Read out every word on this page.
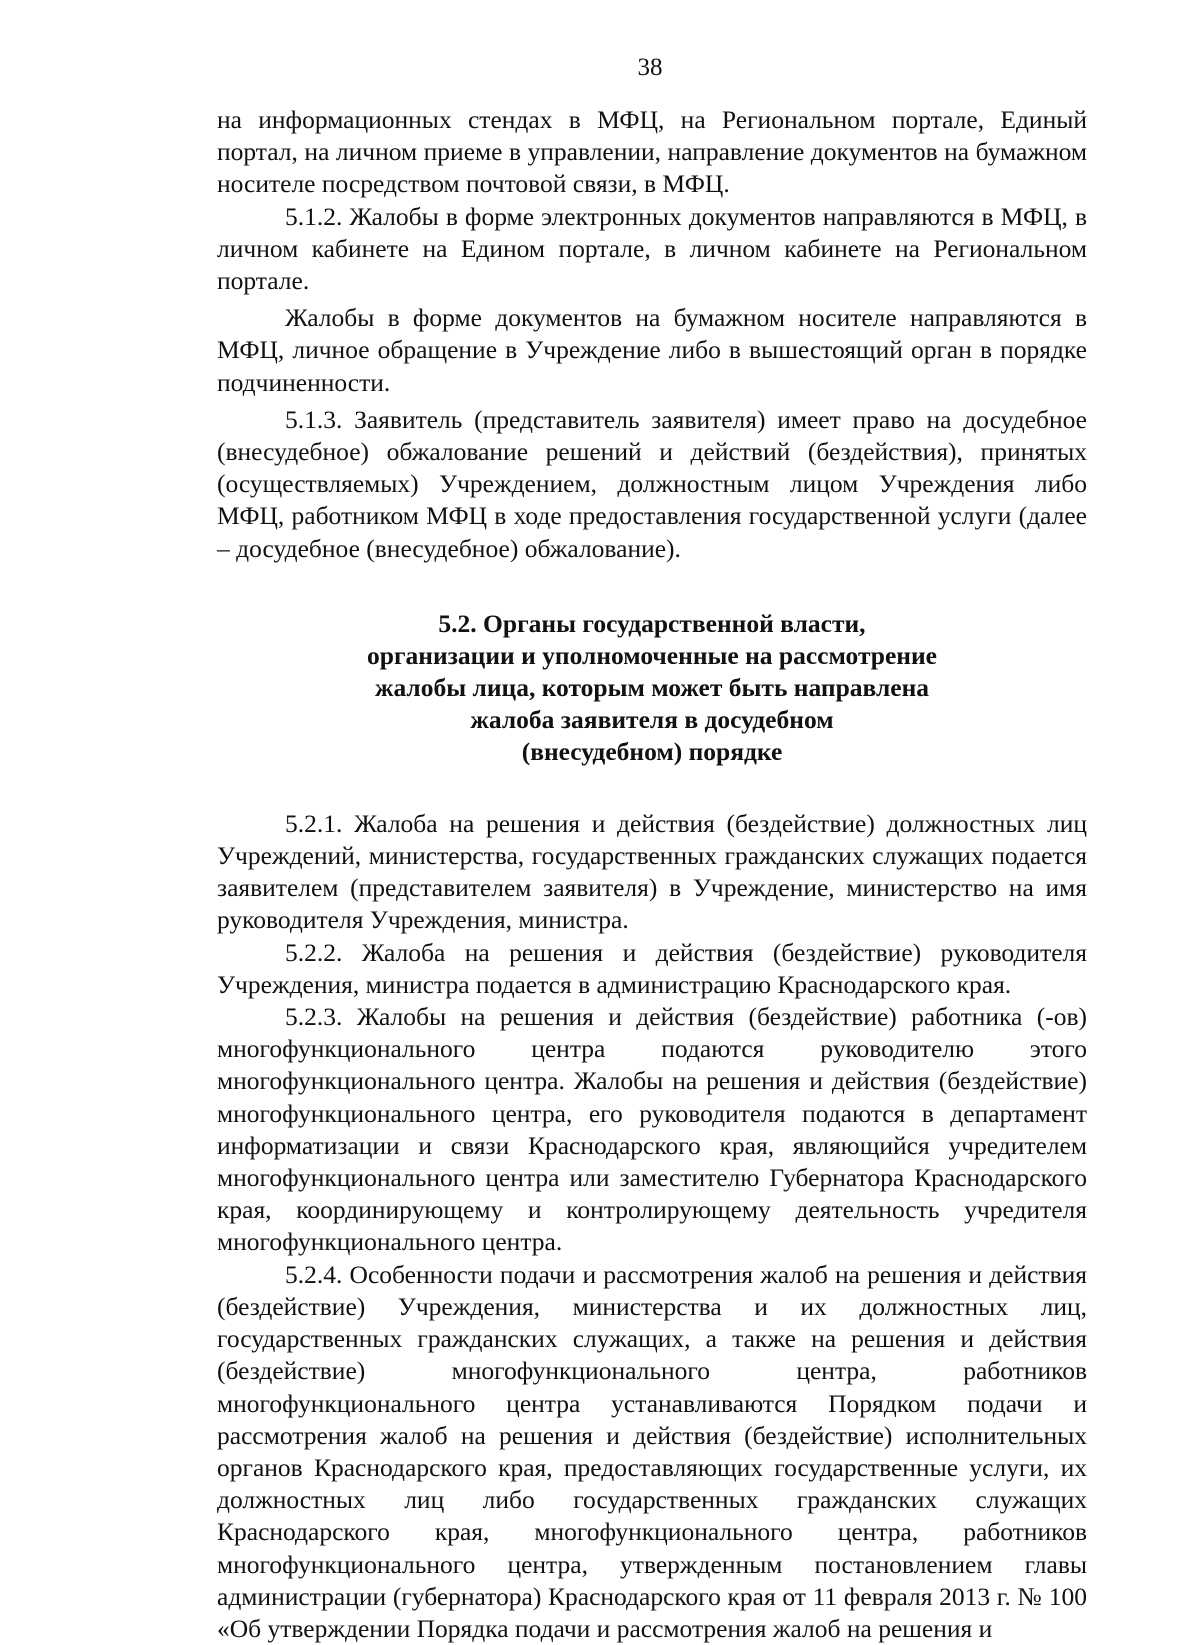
38

на информационных стендах в МФЦ, на Региональном портале, Единый портал, на личном приеме в управлении, направление документов на бумажном носителе посредством почтовой связи, в МФЦ.

5.1.2. Жалобы в форме электронных документов направляются в МФЦ, в личном кабинете на Едином портале, в личном кабинете на Региональном портале.

Жалобы в форме документов на бумажном носителе направляются в МФЦ, личное обращение в Учреждение либо в вышестоящий орган в порядке подчиненности.

5.1.3. Заявитель (представитель заявителя) имеет право на досудебное (внесудебное) обжалование решений и действий (бездействия), принятых (осуществляемых) Учреждением, должностным лицом Учреждения либо МФЦ, работником МФЦ в ходе предоставления государственной услуги (далее – досудебное (внесудебное) обжалование).

5.2. Органы государственной власти,
организации и уполномоченные на рассмотрение
жалобы лица, которым может быть направлена
жалоба заявителя в досудебном
(внесудебном) порядке

5.2.1. Жалоба на решения и действия (бездействие) должностных лиц Учреждений, министерства, государственных гражданских служащих подается заявителем (представителем заявителя) в Учреждение, министерство на имя руководителя Учреждения, министра.

5.2.2. Жалоба на решения и действия (бездействие) руководителя Учреждения, министра подается в администрацию Краснодарского края.

5.2.3. Жалобы на решения и действия (бездействие) работника (-ов) многофункционального центра подаются руководителю этого многофункционального центра. Жалобы на решения и действия (бездействие) многофункционального центра, его руководителя подаются в департамент информатизации и связи Краснодарского края, являющийся учредителем многофункционального центра или заместителю Губернатора Краснодарского края, координирующему и контролирующему деятельность учредителя многофункционального центра.

5.2.4. Особенности подачи и рассмотрения жалоб на решения и действия (бездействие) Учреждения, министерства и их должностных лиц, государственных гражданских служащих, а также на решения и действия (бездействие) многофункционального центра, работников многофункционального центра устанавливаются Порядком подачи и рассмотрения жалоб на решения и действия (бездействие) исполнительных органов Краснодарского края, предоставляющих государственные услуги, их должностных лиц либо государственных гражданских служащих Краснодарского края, многофункционального центра, работников многофункционального центра, утвержденным постановлением главы администрации (губернатора) Краснодарского края от 11 февраля 2013 г. № 100 «Об утверждении Порядка подачи и рассмотрения жалоб на решения и
